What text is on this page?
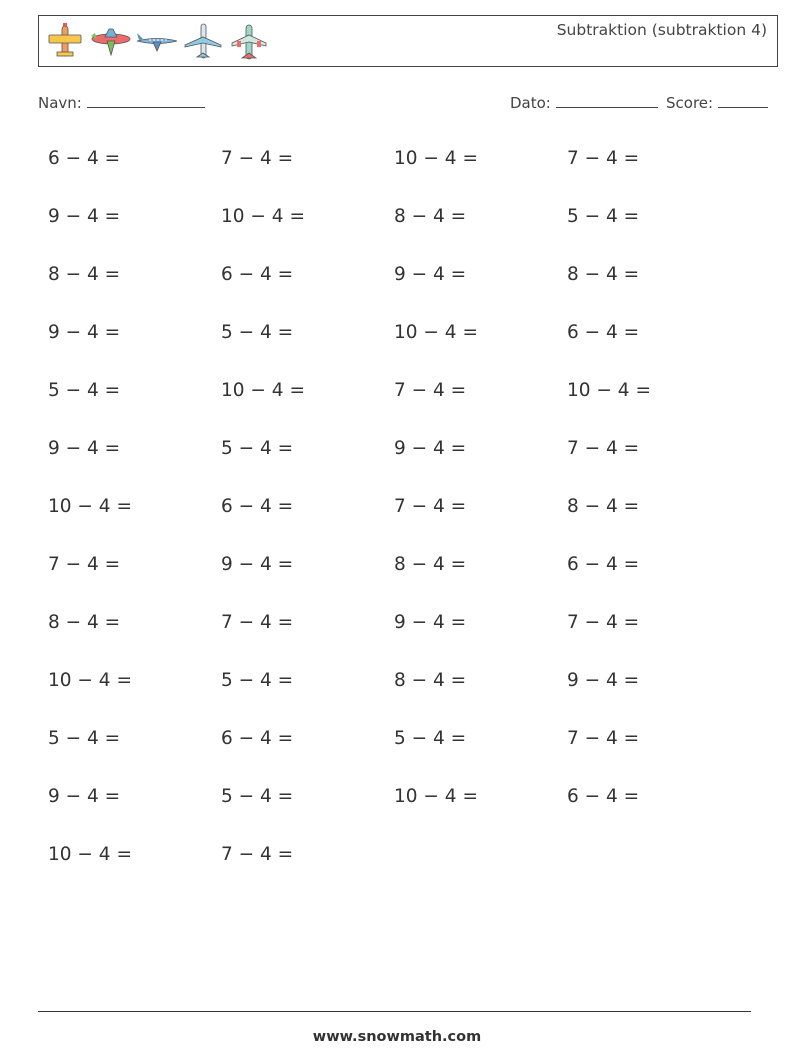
Subtraktion (subtraktion 4)
Navn:	Dato:	Score:
6 − 4 =	7 − 4 =	10 − 4 =	7 − 4 =
9 − 4 =	10 − 4 =	8 − 4 =	5 − 4 =
8 − 4 =	6 − 4 =	9 − 4 =	8 − 4 =
9 − 4 =	5 − 4 =	10 − 4 =	6 − 4 =
5 − 4 =	10 − 4 =	7 − 4 =	10 − 4 =
9 − 4 =	5 − 4 =	9 − 4 =	7 − 4 =
10 − 4 =	6 − 4 =	7 − 4 =	8 − 4 =
7 − 4 =	9 − 4 =	8 − 4 =	6 − 4 =
8 − 4 =	7 − 4 =	9 − 4 =	7 − 4 =
10 − 4 =	5 − 4 =	8 − 4 =	9 − 4 =
5 − 4 =	6 − 4 =	5 − 4 =	7 − 4 =
9 − 4 =	5 − 4 =	10 − 4 =	6 − 4 =
10 − 4 =	7 − 4 =
www.snowmath.com
